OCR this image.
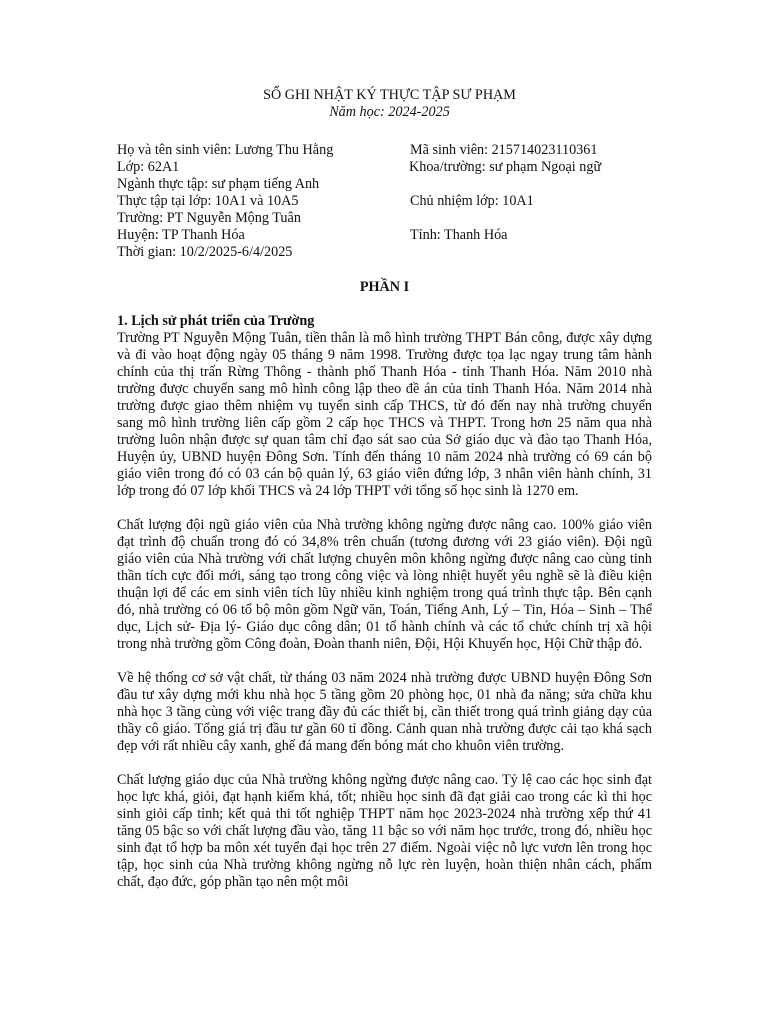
SỔ GHI NHẬT KÝ THỰC TẬP SƯ PHẠM

Năm học: 2024-2025

Họ và tên sinh viên: Lương Thu Hằng	Mã sinh viên: 215714023110361
Lớp: 62A1	Khoa/trường: sư phạm Ngoại ngữ
Ngành thực tập: sư phạm tiếng Anh
Thực tập tại lớp: 10A1 và 10A5	Chủ nhiệm lớp: 10A1
Trường: PT Nguyễn Mộng Tuân
Huyện: TP Thanh Hóa	Tỉnh: Thanh Hóa
Thời gian: 10/2/2025-6/4/2025

PHẦN I

1. Lịch sử phát triển của Trường

Trường PT Nguyễn Mộng Tuân, tiền thân là mô hình trường THPT Bán công, được xây dựng và đi vào hoạt động ngày 05 tháng 9 năm 1998. Trường được tọa lạc ngay trung tâm hành chính của thị trấn Rừng Thông - thành phố Thanh Hóa - tỉnh Thanh Hóa. Năm 2010 nhà trường được chuyển sang mô hình công lập theo đề án của tỉnh Thanh Hóa. Năm 2014 nhà trường được giao thêm nhiệm vụ tuyển sinh cấp THCS, từ đó đến nay nhà trường chuyển sang mô hình trường liên cấp gồm 2 cấp học THCS và THPT. Trong hơn 25 năm qua nhà trường luôn nhận được sự quan tâm chỉ đạo sát sao của Sở giáo dục và đào tạo Thanh Hóa, Huyện ủy, UBND huyện Đông Sơn. Tính đến tháng 10 năm 2024 nhà trường có 69 cán bộ giáo viên trong đó có 03 cán bộ quản lý, 63 giáo viên đứng lớp, 3 nhân viên hành chính, 31 lớp trong đó 07 lớp khối THCS và 24 lớp THPT với tổng số học sinh là 1270 em.

Chất lượng đội ngũ giáo viên của Nhà trường không ngừng được nâng cao. 100% giáo viên đạt trình độ chuẩn trong đó có 34,8% trên chuẩn (tương đương với 23 giáo viên). Đội ngũ giáo viên của Nhà trường với chất lượng chuyên môn không ngừng được nâng cao cùng tinh thần tích cực đổi mới, sáng tạo trong công việc và lòng nhiệt huyết yêu nghề sẽ là điều kiện thuận lợi để các em sinh viên tích lũy nhiều kinh nghiệm trong quá trình thực tập. Bên cạnh đó, nhà trường có 06 tổ bộ môn gồm Ngữ văn, Toán, Tiếng Anh, Lý – Tin, Hóa – Sinh – Thể dục, Lịch sử- Địa lý- Giáo dục công dân; 01 tổ hành chính và các tổ chức chính trị xã hội trong nhà trường gồm Công đoàn, Đoàn thanh niên, Đội, Hội Khuyến học, Hội Chữ thập đỏ.

Về hệ thống cơ sở vật chất, từ tháng 03 năm 2024 nhà trường được UBND huyện Đông Sơn đầu tư xây dựng mới khu nhà học 5 tầng gồm 20 phòng học, 01 nhà đa năng; sửa chữa khu nhà học 3 tầng cùng với việc trang đầy đủ các thiết bị, cần thiết trong quá trình giảng dạy của thầy cô giáo. Tổng giá trị đầu tư gần 60 tỉ đồng. Cảnh quan nhà trường được cải tạo khá sạch đẹp với rất nhiều cây xanh, ghế đá mang đến bóng mát cho khuôn viên trường.

Chất lượng giáo dục của Nhà trường không ngừng được nâng cao. Tỷ lệ cao các học sinh đạt học lực khá, giỏi, đạt hạnh kiểm khá, tốt; nhiều học sinh đã đạt giải cao trong các kì thi học sinh giỏi cấp tỉnh; kết quả thi tốt nghiệp THPT năm học 2023-2024 nhà trường xếp thứ 41 tăng 05 bậc so với chất lượng đầu vào, tăng 11 bậc so với năm học trước, trong đó, nhiều học sinh đạt tổ hợp ba môn xét tuyển đại học trên 27 điểm. Ngoài việc nỗ lực vươn lên trong học tập, học sinh của Nhà trường không ngừng nỗ lực rèn luyện, hoàn thiện nhân cách, phẩm chất, đạo đức, góp phần tạo nên một môi
